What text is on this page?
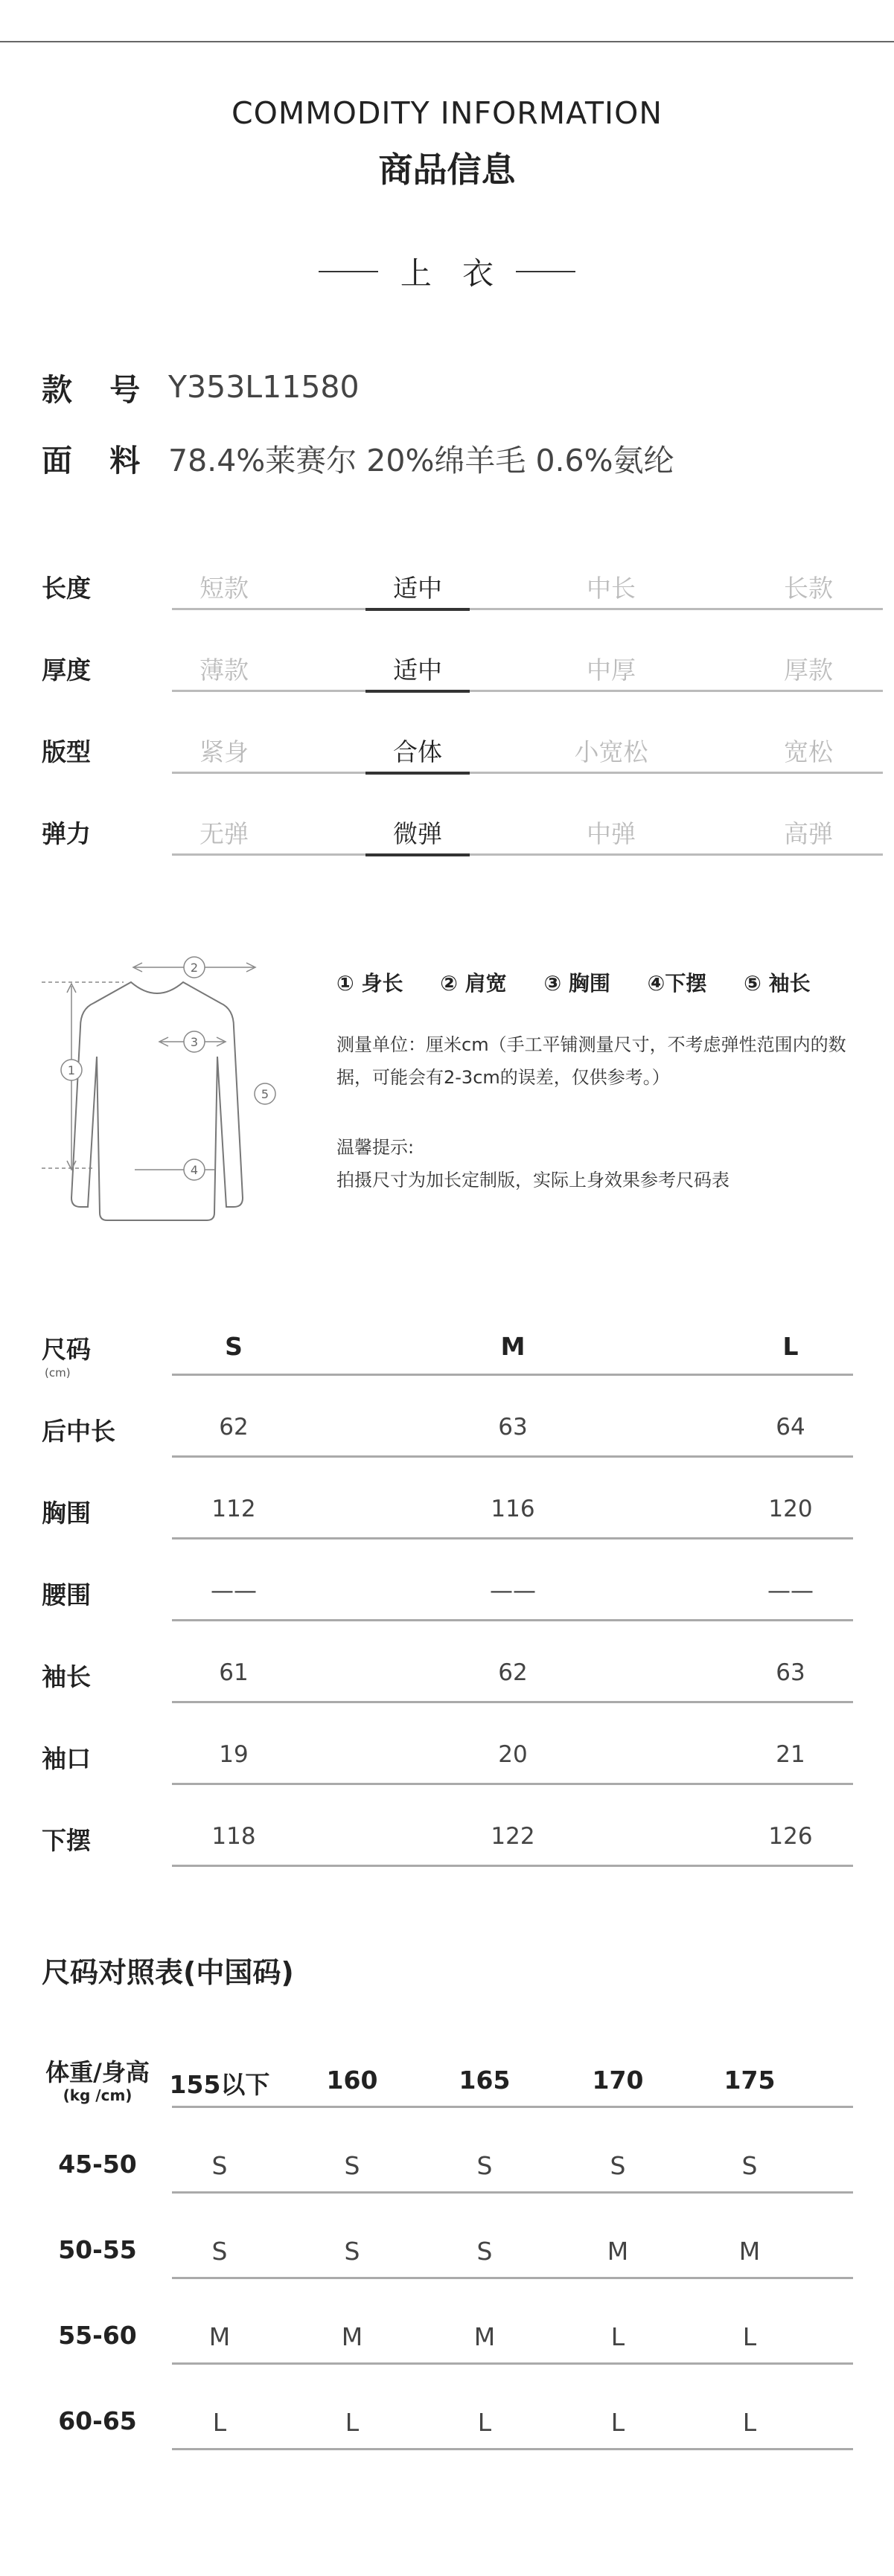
COMMODITY INFORMATION
商品信息
上 衣
款 号 Y353L11580
面 料 78.4%莱赛尔 20%绵羊毛 0.6%氨纶
长度	短款	适中	中长	长款
厚度	薄款	适中	中厚	厚款
版型	紧身	合体	小宽松	宽松
弹力	无弹	微弹	中弹	高弹
1
2
3
4
5
① 身长 ② 肩宽 ③ 胸围 ④下摆 ⑤ 袖长
测量单位：厘米cm（手工平铺测量尺寸，不考虑弹性范围内的数据，可能会有2-3cm的误差，仅供参考。）
温馨提示:
拍摄尺寸为加长定制版，实际上身效果参考尺码表
尺码
(cm)
S	M	L
后中长	62	63	64
胸围	112	116	120
腰围	——	——	——
袖长	61	62	63
袖口	19	20	21
下摆	118	122	126
尺码对照表(中国码)
体重/身高
(kg /cm)	155以下	160	165	170	175
45-50	S	S	S	S	S
50-55	S	S	S	M	M
55-60	M	M	M	L	L
60-65	L	L	L	L	L
